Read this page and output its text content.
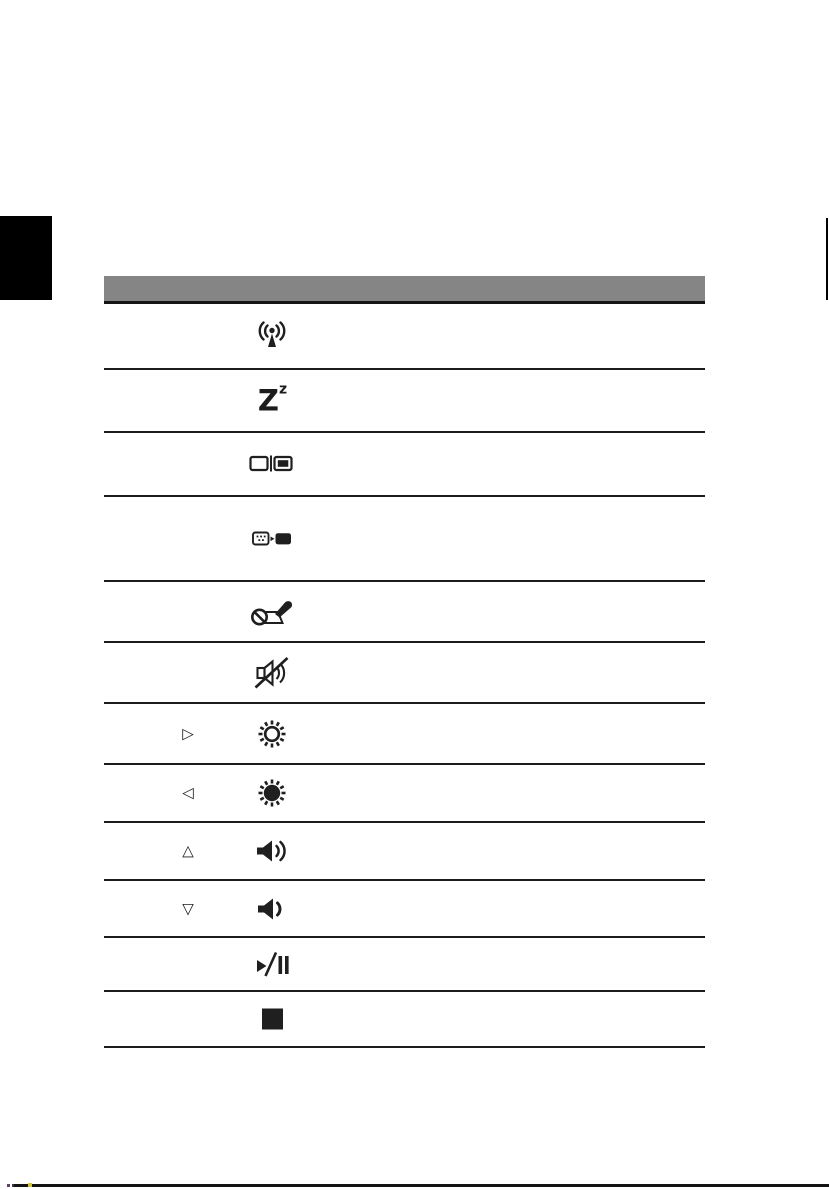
Z z
▷
◁
△
▽
